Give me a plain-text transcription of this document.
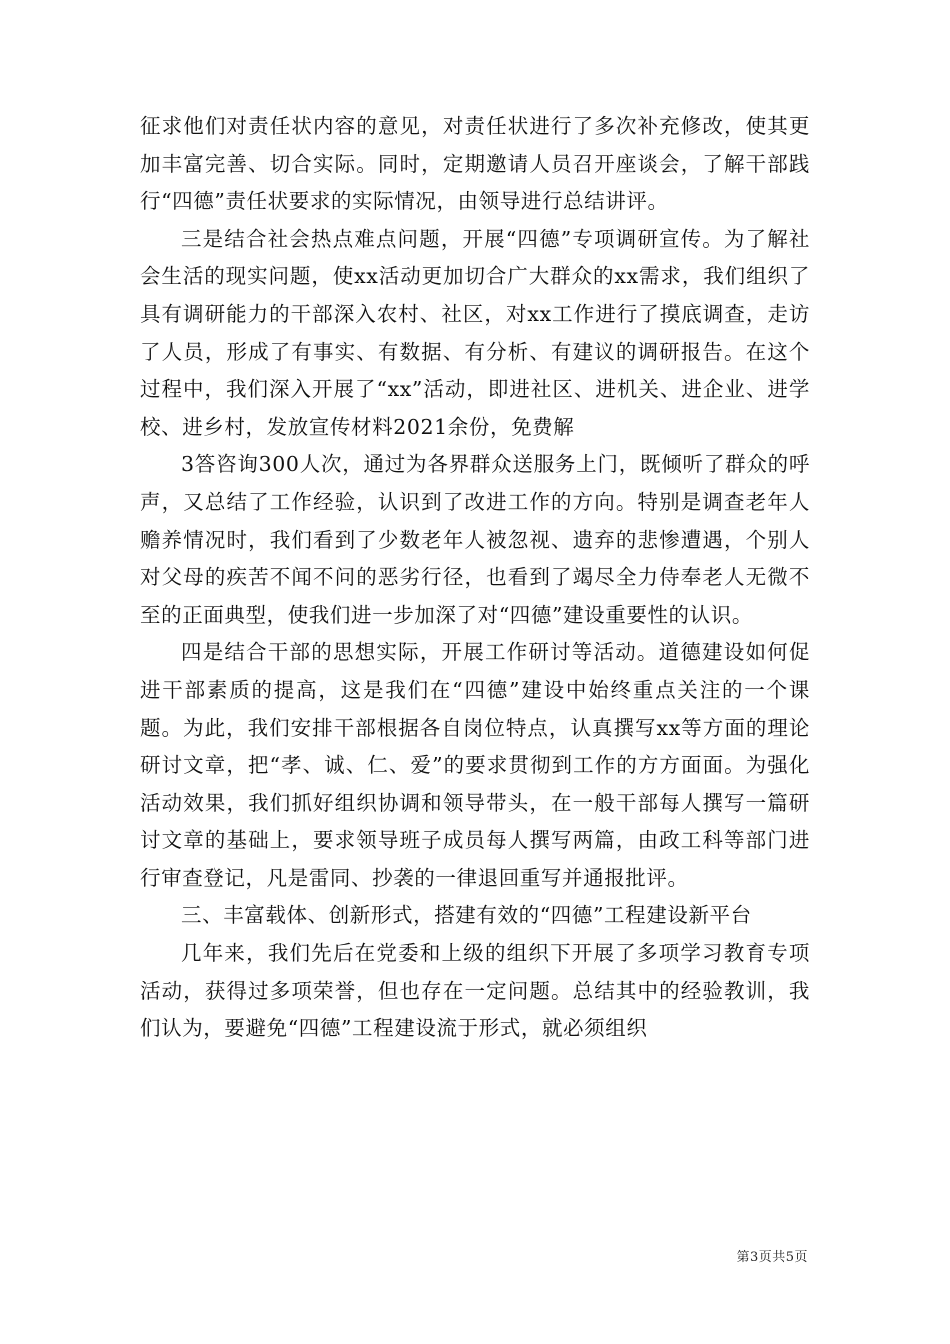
征求他们对责任状内容的意见，对责任状进行了多次补充修改，使其更加丰富完善、切合实际。同时，定期邀请人员召开座谈会，了解干部践行“四德”责任状要求的实际情况，由领导进行总结讲评。

三是结合社会热点难点问题，开展“四德”专项调研宣传。为了解社会生活的现实问题，使xx活动更加切合广大群众的xx需求，我们组织了具有调研能力的干部深入农村、社区，对xx工作进行了摸底调查，走访了人员，形成了有事实、有数据、有分析、有建议的调研报告。在这个过程中，我们深入开展了“xx”活动，即进社区、进机关、进企业、进学校、进乡村，发放宣传材料2021余份，免费解

3答咨询300人次，通过为各界群众送服务上门，既倾听了群众的呼声，又总结了工作经验，认识到了改进工作的方向。特别是调查老年人赡养情况时，我们看到了少数老年人被忽视、遗弃的悲惨遭遇，个别人对父母的疾苦不闻不问的恶劣行径，也看到了竭尽全力侍奉老人无微不至的正面典型，使我们进一步加深了对“四德”建设重要性的认识。

四是结合干部的思想实际，开展工作研讨等活动。道德建设如何促进干部素质的提高，这是我们在“四德”建设中始终重点关注的一个课题。为此，我们安排干部根据各自岗位特点，认真撰写xx等方面的理论研讨文章，把“孝、诚、仁、爱”的要求贯彻到工作的方方面面。为强化活动效果，我们抓好组织协调和领导带头，在一般干部每人撰写一篇研讨文章的基础上，要求领导班子成员每人撰写两篇，由政工科等部门进行审查登记，凡是雷同、抄袭的一律退回重写并通报批评。

三、丰富载体、创新形式，搭建有效的“四德”工程建设新平台

几年来，我们先后在党委和上级的组织下开展了多项学习教育专项活动，获得过多项荣誉，但也存在一定问题。总结其中的经验教训，我们认为，要避免“四德”工程建设流于形式，就必须组织

第3页共5页
